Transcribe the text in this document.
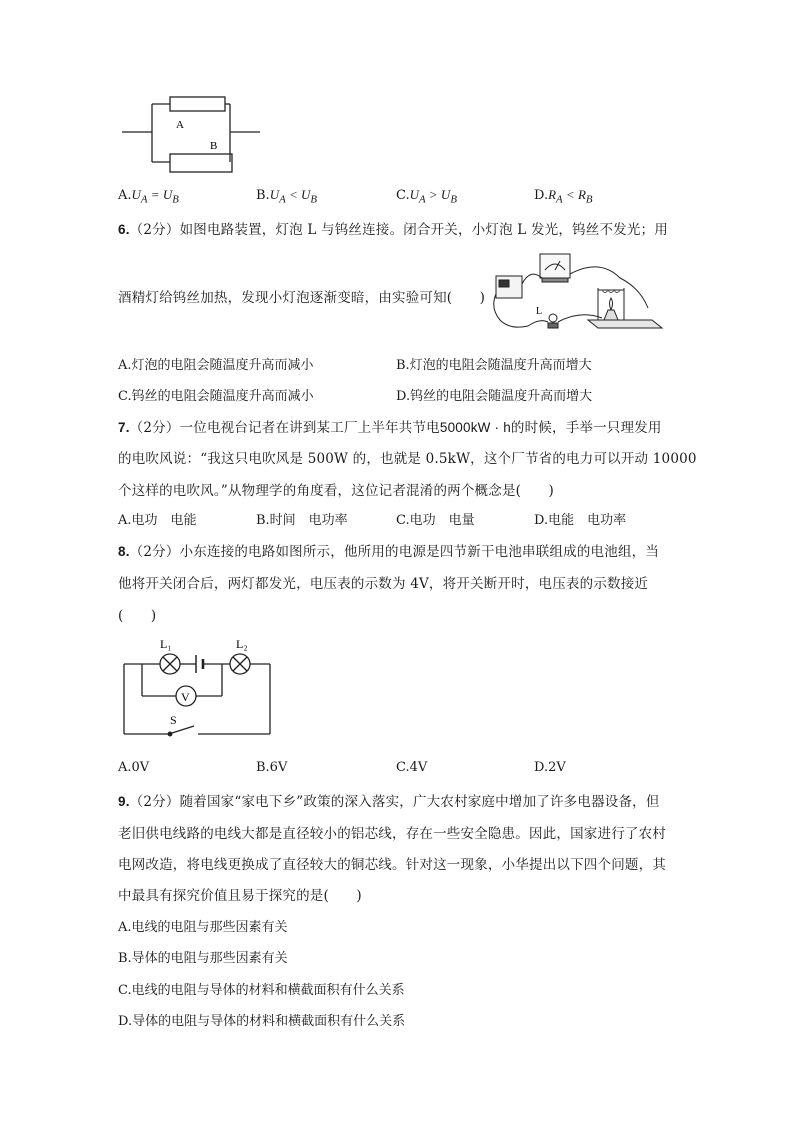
A
B
$A.U_A = U_B$	$B.U_A < U_B$	$C.U_A > U_B$	$D.R_A < R_B$
6.（2分）如图电路装置，灯泡 L 与钨丝连接。闭合开关，小灯泡 L 发光，钨丝不发光；用
酒精灯给钨丝加热，发现小灯泡逐渐变暗，由实验可知(　　)
L
A.灯泡的电阻会随温度升高而减小	B.灯泡的电阻会随温度升高而增大
C.钨丝的电阻会随温度升高而减小	D.钨丝的电阻会随温度升高而增大
7.（2分）一位电视台记者在讲到某工厂上半年共节电5000kW · h的时候，手举一只理发用
的电吹风说：“我这只电吹风是 500W 的，也就是 0.5kW，这个厂节省的电力可以开动 10000
个这样的电吹风。”从物理学的角度看，这位记者混淆的两个概念是(　　)
A.电功　电能	B.时间　电功率	C.电功　电量	D.电能　电功率
8.（2分）小东连接的电路如图所示，他所用的电源是四节新干电池串联组成的电池组，当
他将开关闭合后，两灯都发光，电压表的示数为 4V，将开关断开时，电压表的示数接近
(　　)
L₁	L₂
V
S
A.0V	B.6V	C.4V	D.2V
9.（2分）随着国家“家电下乡”政策的深入落实，广大农村家庭中增加了许多电器设备，但
老旧供电线路的电线大都是直径较小的铝芯线，存在一些安全隐患。因此，国家进行了农村
电网改造，将电线更换成了直径较大的铜芯线。针对这一现象，小华提出以下四个问题，其
中最具有探究价值且易于探究的是(　　)
A.电线的电阻与那些因素有关
B.导体的电阻与那些因素有关
C.电线的电阻与导体的材料和横截面积有什么关系
D.导体的电阻与导体的材料和横截面积有什么关系
